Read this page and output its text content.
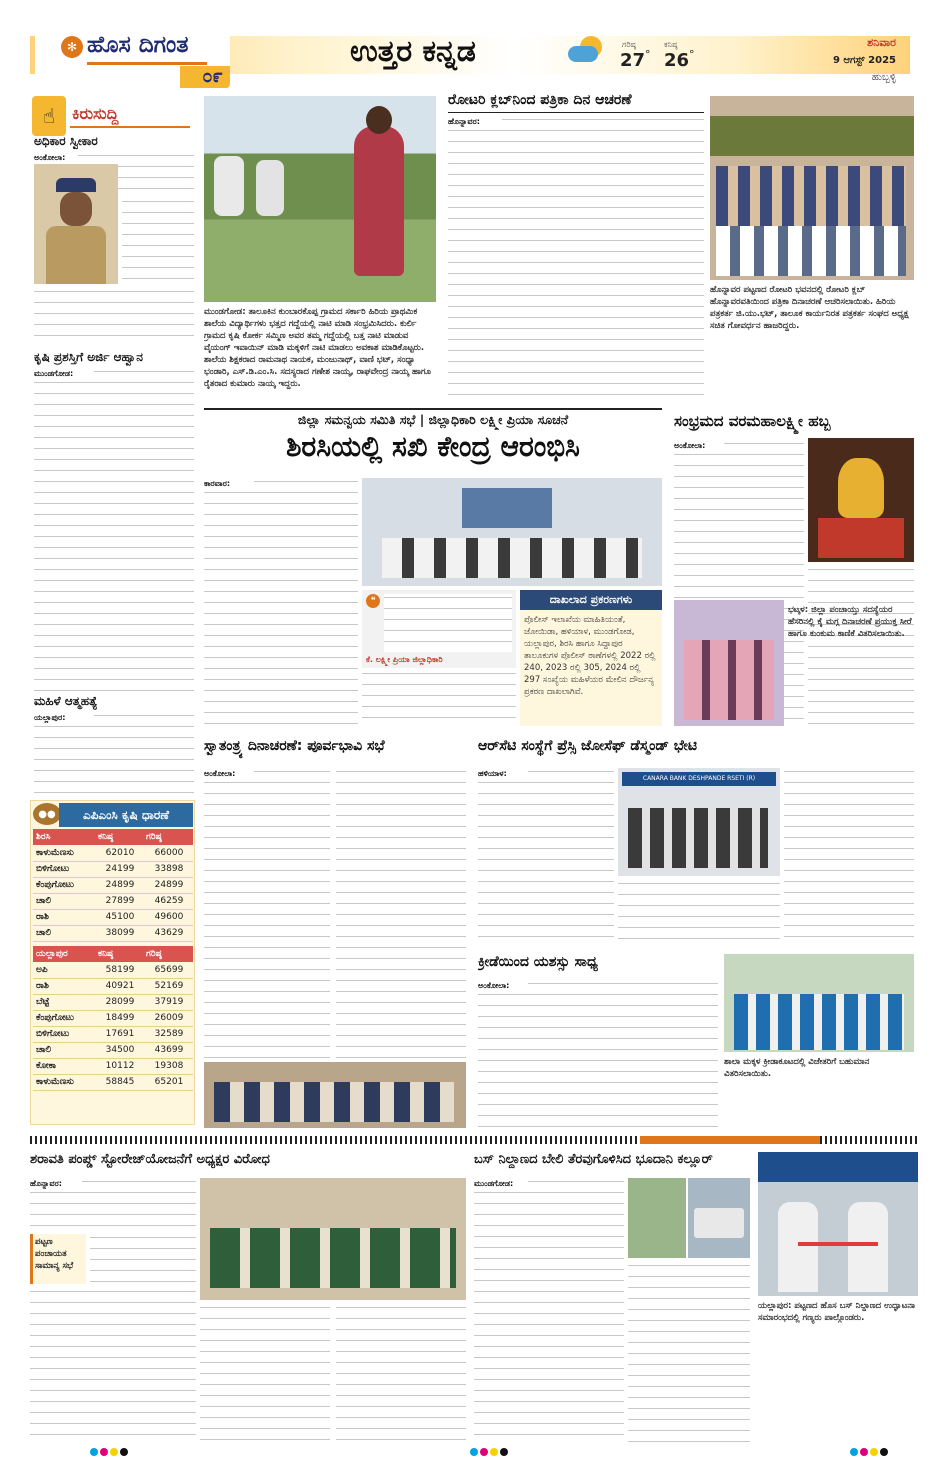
✻ ಹೊಸ ದಿಗಂತ
೦೯
ಉತ್ತರ ಕನ್ನಡ	ಗರಿಷ್ಠ
27 °
ಕನಿಷ್ಠ
26 °
ಶನಿವಾರ
9 ಆಗಸ್ಟ್ 2025
ಹುಬ್ಬಳ್ಳಿ
☝	ಕಿರುಸುದ್ದಿ
ಅಧಿಕಾರ ಸ್ವೀಕಾರ
ಅಂಕೋಲಾ:
ಕೃಷಿ ಪ್ರಶಸ್ತಿಗೆ ಅರ್ಜಿ ಆಹ್ವಾನ
ಮುಂಡಗೋಡ:
ಮಹಿಳೆ ಆತ್ಮಹತ್ಯೆ
ಯಲ್ಲಾಪುರ:
●●	ಎಪಿಎಂಸಿ ಕೃಷಿ ಧಾರಣೆ
ಶಿರಸಿ	ಕನಿಷ್ಠ	ಗರಿಷ್ಠ
ಕಾಳುಮೆಣಸು	62010	66000
ಬಿಳಿಗೋಟು	24199	33898
ಕೆಂಪುಗೋಟು	24899	24899
ಚಾಲಿ	27899	46259
ರಾಶಿ	45100	49600
ಚಾಲಿ	38099	43629
ಯಲ್ಲಾಪುರ	ಕನಿಷ್ಠ	ಗರಿಷ್ಠ
ಅಪಿ	58199	65699
ರಾಶಿ	40921	52169
ಬೆಟ್ಟೆ	28099	37919
ಕೆಂಪುಗೋಟು	18499	26009
ಬಿಳಿಗೋಟು	17691	32589
ಚಾಲಿ	34500	43699
ಕೋಕಾ	10112	19308
ಕಾಳುಮೆಣಸು	58845	65201
ಮುಂಡಗೋಡ: ತಾಲೂಕಿನ ಕುಂಬಾರಕೊಪ್ಪ ಗ್ರಾಮದ ಸರ್ಕಾರಿ ಹಿರಿಯ ಪ್ರಾಥಮಿಕ ಶಾಲೆಯ ವಿದ್ಯಾರ್ಥಿಗಳು ಭತ್ತದ ಗದ್ದೆಯಲ್ಲಿ ನಾಟಿ ಮಾಡಿ ಸಂಭ್ರಮಿಸಿದರು. ಕುರ್ಲಿ ಗ್ರಾಮದ ಕೃಷಿ ಕೋರ್ಕ ಸಮ್ಮಿಣ ಅವರ ತಮ್ಮ ಗದ್ದೆಯಲ್ಲಿ ಬತ್ತ ನಾಟಿ ಮಾಡುವ ವೈಯಂಗ್ ಇವಾಯಿನ್ ಮಾಡಿ ಮಕ್ಕಳಿಗೆ ನಾಟಿ ಮಾಡಲು ಅವಕಾಶ ಮಾಡಿಕೊಟ್ಟರು. ಶಾಲೆಯ ಶಿಕ್ಷಕರಾದ ರಾಮನಾಥ ನಾಯಕ, ಮಂಜುನಾಥ್, ವಾಣಿ ಭಟ್, ಸಂಧ್ಯಾ ಭಂಡಾರಿ, ಎಸ್.ಡಿ.ಎಂ.ಸಿ. ಸದಸ್ಯರಾದ ಗಣೇಶ ನಾಯ್ಕ, ರಾಘವೇಂದ್ರ ನಾಯ್ಕ ಹಾಗೂ ರೈತರಾದ ಕುಮಾರು ನಾಯ್ಕ ಇದ್ದರು.
ರೋಟರಿ ಕ್ಲಬ್‌ನಿಂದ ಪತ್ರಿಕಾ ದಿನ ಆಚರಣೆ
ಹೊನ್ನಾವರ:
ಹೊನ್ನಾವರ ಪಟ್ಟಣದ ರೋಟರಿ ಭವನದಲ್ಲಿ ರೋಟರಿ ಕ್ಲಬ್‌ ಹೊನ್ನಾವರವತಿಯಿಂದ ಪತ್ರಿಕಾ ದಿನಾಚರಣೆ ಆಚರಿಸಲಾಯಿತು. ಹಿರಿಯ ಪತ್ರಕರ್ತ ಜಿ.ಯು.ಭಟ್, ತಾಲೂಕ ಕಾರ್ಯನಿರತ ಪತ್ರಕರ್ತ ಸಂಘದ ಅಧ್ಯಕ್ಷ ಸಚಿತ ಗೋವರ್ಧನ ಹಾಜರಿದ್ದರು.
ಜಿಲ್ಲಾ ಸಮನ್ವಯ ಸಮಿತಿ ಸಭೆ | ಜಿಲ್ಲಾಧಿಕಾರಿ ಲಕ್ಷ್ಮೀ ಪ್ರಿಯಾ ಸೂಚನೆ
ಶಿರಸಿಯಲ್ಲಿ ಸಖಿ ಕೇಂದ್ರ ಆರಂಭಿಸಿ
ಕಾರವಾರ:
❝
ಕೆ. ಲಕ್ಷ್ಮೀ ಪ್ರಿಯಾ ಜಿಲ್ಲಾಧಿಕಾರಿ
ದಾಖಲಾದ ಪ್ರಕರಣಗಳು
ಪೊಲೀಸ್ ಇಲಾಖೆಯ ಮಾಹಿತಿಯಂತೆ, ಜೋಯಿಡಾ, ಹಳಿಯಾಳ, ಮುಂಡಗೋಡ, ಯಲ್ಲಾಪುರ, ಶಿರಸಿ ಹಾಗೂ ಸಿದ್ದಾಪುರ ತಾಲೂಕುಗಳ ಪೊಲೀಸ್ ಠಾಣೆಗಳಲ್ಲಿ 2022 ರಲ್ಲಿ 240, 2023 ರಲ್ಲಿ 305, 2024 ರಲ್ಲಿ 297 ಸಂಖ್ಯೆಯ ಮಹಿಳೆಯರ ಮೇಲಿನ ದೌರ್ಜನ್ಯ ಪ್ರಕರಣ ದಾಖಲಾಗಿವೆ.
ಸಂಭ್ರಮದ ವರಮಹಾಲಕ್ಷ್ಮೀ ಹಬ್ಬ
ಅಂಕೋಲಾ:
ಭಟ್ಕಳ: ಜಿಲ್ಲಾ ಪಂಚಾಯ್ತು ಸದಸ್ಯೆಯರ ಹೆಸರಿನಲ್ಲಿ ಕೈ ಮಗ್ಗ ದಿನಾಚರಣೆ ಪ್ರಯುಕ್ತ ಸೀರೆ ಹಾಗೂ ಕುಂಕುಮ ಕಾಣಿಕೆ ವಿತರಿಸಲಾಯಿತು.
ಸ್ವಾತಂತ್ರ್ಯ ದಿನಾಚರಣೆ: ಪೂರ್ವಭಾವಿ ಸಭೆ
ಅಂಕೋಲಾ:
ಆರ್‌ಸೆಟಿ ಸಂಸ್ಥೆಗೆ ಪ್ರೆಸ್ಸಿ ಜೋಸೆಫ್ ಡೆಸ್ಮಂಡ್ ಭೇಟಿ
ಹಳಿಯಾಳ:
CANARA BANK DESHPANDE RSETI (R)
ಕ್ರೀಡೆಯಿಂದ ಯಶಸ್ಸು ಸಾಧ್ಯ
ಅಂಕೋಲಾ:
ಶಾಲಾ ಮಕ್ಕಳ ಕ್ರೀಡಾಕೂಟದಲ್ಲಿ ವಿಜೇತರಿಗೆ ಬಹುಮಾನ ವಿತರಿಸಲಾಯಿತು.
ಶರಾವತಿ ಪಂಪ್ಡ್ ಸ್ಟೋರೇಜ್‌ಯೋಜನೆಗೆ ಅಧ್ಯಕ್ಷರ ವಿರೋಧ
ಹೊನ್ನಾವರ:
ಪಟ್ಟಣ ಪಂಚಾಯತ ಸಾಮಾನ್ಯ ಸಭೆ
ಬಸ್ ನಿಲ್ದಾಣದ ಬೇಲಿ ತೆರವುಗೊಳಿಸಿದ ಭೂದಾನಿ ಕಲ್ಲೂರ್
ಮುಂಡಗೋಡ:
ಯಲ್ಲಾಪುರ: ಪಟ್ಟಣದ ಹೊಸ ಬಸ್ ನಿಲ್ದಾಣದ ಉದ್ಘಾಟನಾ ಸಮಾರಂಭದಲ್ಲಿ ಗಣ್ಯರು ಪಾಲ್ಗೊಂಡರು.
